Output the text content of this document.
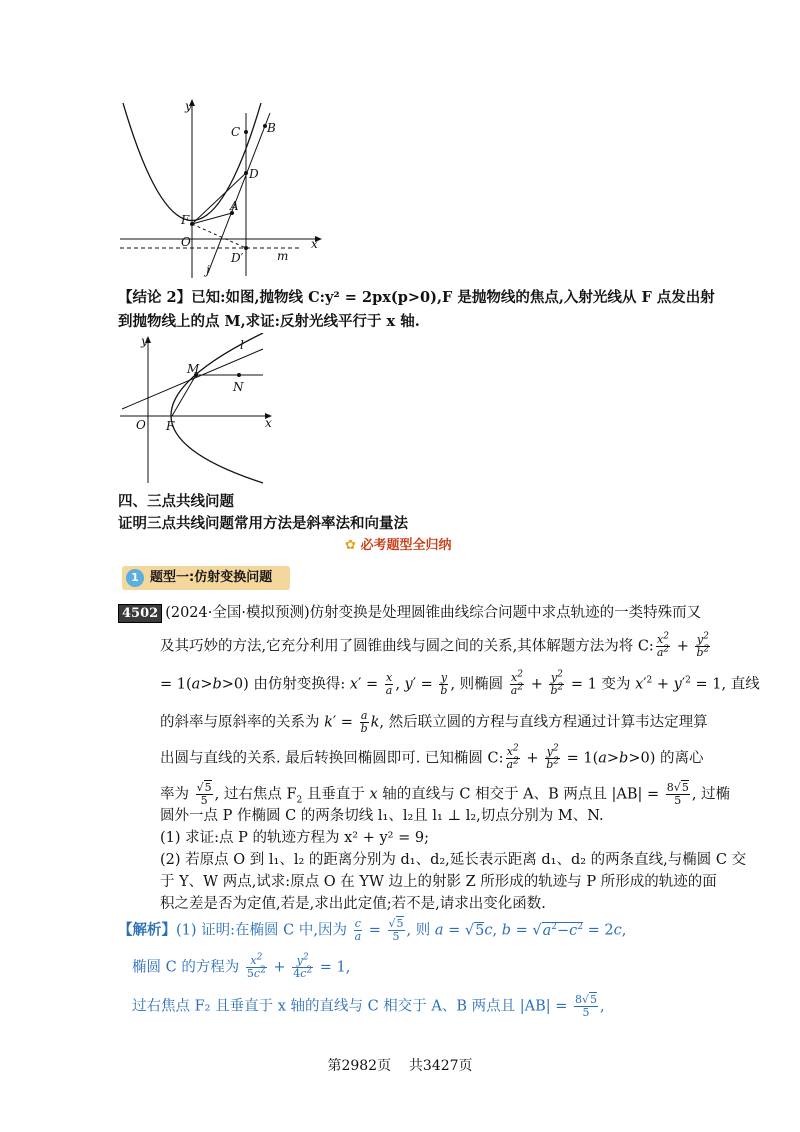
y
x
C B
D
F
A
O
D′	m
j
【结论 2】已知:如图,抛物线 C:y² = 2px(p>0),F 是抛物线的焦点,入射光线从 F 点发出射
到抛物线上的点 M,求证:反射光线平行于 x 轴.
y	l
M
N
O F	x
四、三点共线问题
证明三点共线问题常用方法是斜率法和向量法
✿ 必考题型全归纳
1 题型一:仿射变换问题
4502 (2024·全国·模拟预测)仿射变换是处理圆锥曲线综合问题中求点轨迹的一类特殊而又
及其巧妙的方法,它充分利用了圆锥曲线与圆之间的关系,其体解题方法为将 C: $\frac{x^2}{a^2} + \frac{y^2}{b^2}$
= 1(a>b>0) 由仿射变换得: $x' = \frac{x}{a}$ , $y' = \frac{y}{b}$ , 则椭圆 $\frac{x^2}{a^2} + \frac{y^2}{b^2} = 1$ 变为 $x'^2 + y'^2 = 1$, 直线
的斜率与原斜率的关系为 $k' = \frac{a}{b} k$, 然后联立圆的方程与直线方程通过计算韦达定理算
出圆与直线的关系. 最后转换回椭圆即可. 已知椭圆 C: $\frac{x^2}{a^2} + \frac{y^2}{b^2} = 1(a>b>0)$ 的离心
率为 $\frac{√5}{5}$ , 过右焦点 $F_2$ 且垂直于 x 轴的直线与 C 相交于 A、B 两点且 $|AB| = \frac{8√5}{5}$ , 过椭
圆外一点 P 作椭圆 C 的两条切线 l₁、l₂且 l₁ ⊥ l₂,切点分别为 M、N.
(1) 求证:点 P 的轨迹方程为 x² + y² = 9;
(2) 若原点 O 到 l₁、l₂ 的距离分别为 d₁、d₂,延长表示距离 d₁、d₂ 的两条直线,与椭圆 C 交
于 Y、W 两点,试求:原点 O 在 YW 边上的射影 Z 所形成的轨迹与 P 所形成的轨迹的面
积之差是否为定值,若是,求出此定值;若不是,请求出变化函数.
【解析】(1) 证明:在椭圆 C 中,因为 $\frac{c}{a} = \frac{√5}{5}$ , 则 a = √5c, $b = √a^2-c^2 = 2c$,
椭圆 C 的方程为 $\frac{x^2}{5c^2} + \frac{y^2}{4c^2} = 1$,
过右焦点 F₂ 且垂直于 x 轴的直线与 C 相交于 A、B 两点且 $|AB| = \frac{8√5}{5}$ ,
第2982页 共3427页
